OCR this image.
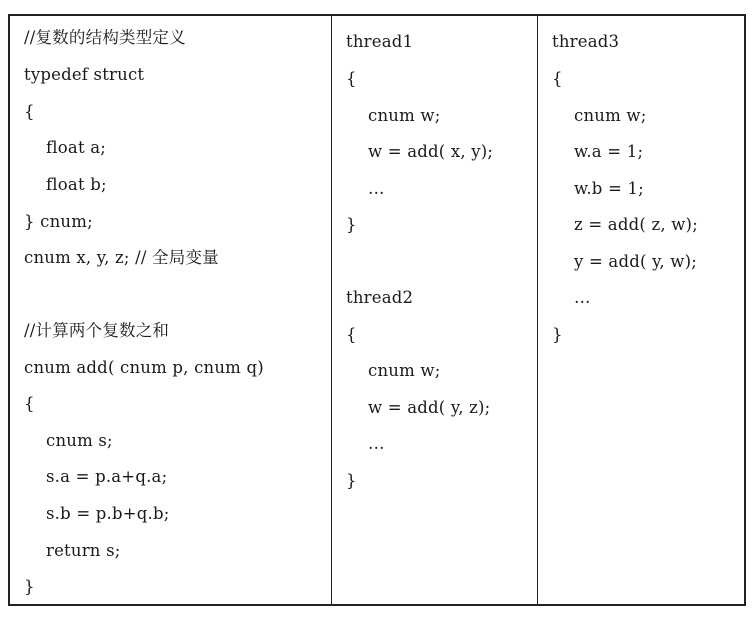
//复数的结构类型定义
typedef struct
{
float a;
float b;
} cnum;
cnum x, y, z; // 全局变量
//计算两个复数之和
cnum add( cnum p, cnum q)
{
cnum s;
s.a = p.a+q.a;
s.b = p.b+q.b;
return s;
}
thread1
{
cnum w;
w = add( x, y);
…
}
thread2
{
cnum w;
w = add( y, z);
…
}
thread3
{
cnum w;
w.a = 1;
w.b = 1;
z = add( z, w);
y = add( y, w);
…
}
